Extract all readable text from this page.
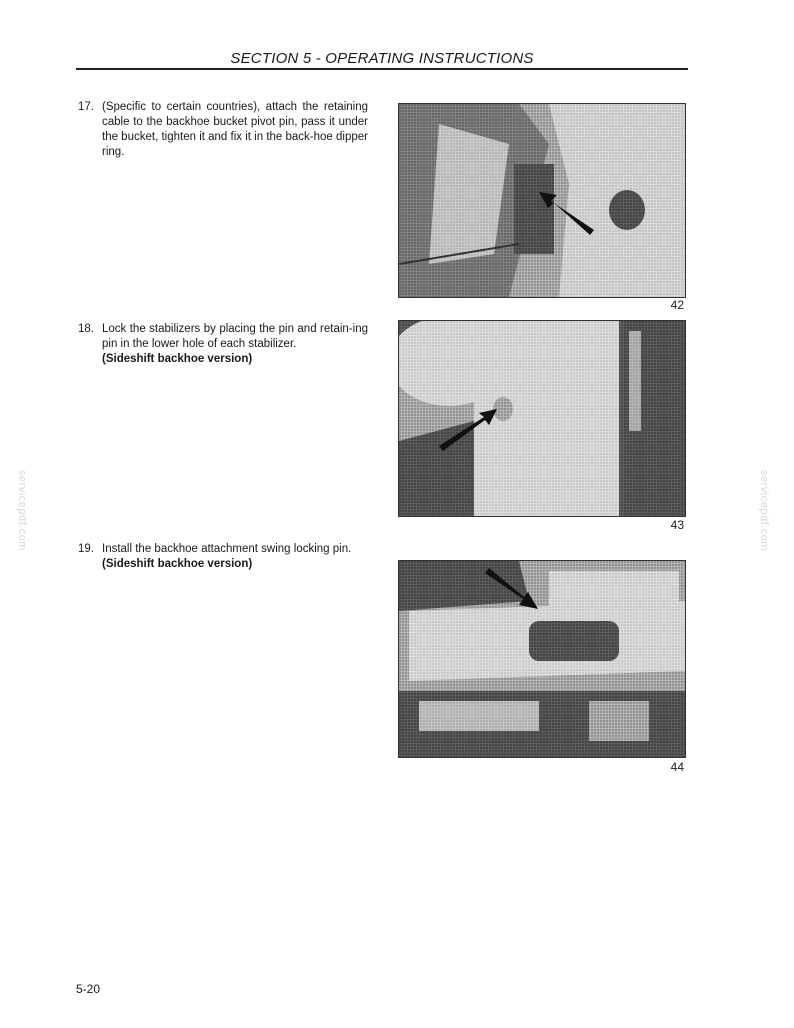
SECTION 5 - OPERATING INSTRUCTIONS
17. (Specific to certain countries), attach the retaining cable to the backhoe bucket pivot pin, pass it under the bucket, tighten it and fix it in the back-hoe dipper ring.
42
18. Lock the stabilizers by placing the pin and retain-ing pin in the lower hole of each stabilizer.
(Sideshift backhoe version)
43
19. Install the backhoe attachment swing locking pin.
(Sideshift backhoe version)
44
servicepdf.com	servicepdf.com
5-20
